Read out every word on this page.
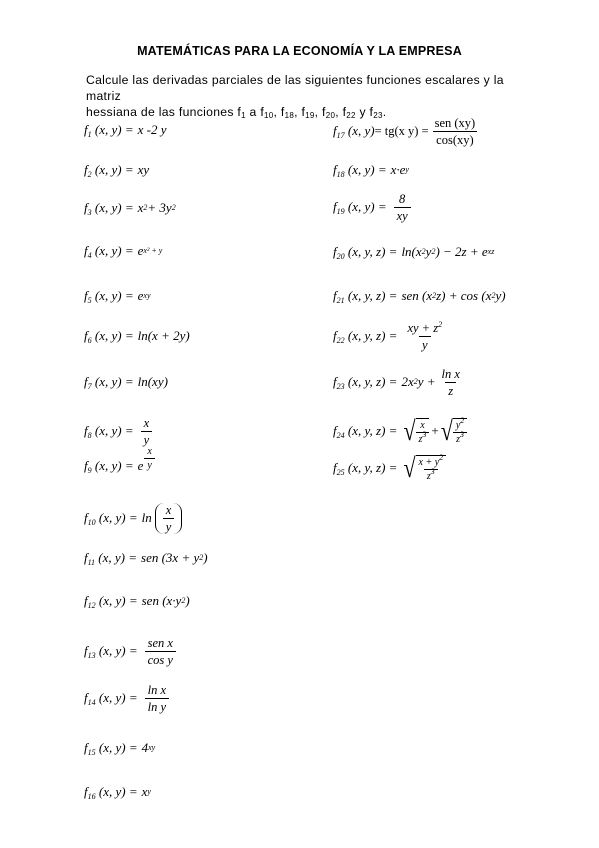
MATEMÁTICAS PARA LA ECONOMÍA Y LA EMPRESA
Calcule las derivadas parciales de las siguientes funciones escalares y la matriz
hessiana de las funciones $f_1$ a $f_{10}$, $f_{18}$, $f_{19}$, $f_{20}$, $f_{22}$ y $f_{23}$.
$f_1$ (x, y) = x -2 y
$f_2$ (x, y) = xy
$f_3$ (x, y) = x 2 + 3y 2
$f_4$ (x, y) = e x² + y
$f_5$ (x, y) = e xy
$f_6$ (x, y) = ln(x + 2y)
$f_7$ (x, y) = ln(xy)
$f_8$ (x, $y) = \frac{x}{y}$
$f_9$ (x, y) = e $\frac{x}{y}$
$f_{10}$ (x, $y) = \ln \frac{x}{y}$
$f_{11}$ (x, y) = sen (3x + y 2 )
$f_{12}$ (x, y) = sen (x·y 2 )
$f_{13}$ (x, $y) = \frac{\text{sen x}}{\text{cos y}}$
$f_{14}$ (x, $y) = \frac{\text{ln x}}{\text{ln y}}$
$f_{15}$ (x, y) = 4 xy
$f_{16}$ (x, y) = x y
$f_{17}$ (x, y) = tg(x $y) = \frac{\text{sen (xy)}}{\cos(xy)}$
$f_{18}$ (x, y) = x·e y
$f_{19}$ (x, $y) = \frac{8}{xy}$
$f_{20}$ (x, y, z) = ln(x 2 y 2 ) − 2z + e xz
$f_{21}$ (x, y, z) = sen (x 2 z) + cos (x 2 y)
$f_{22}$ (x, y, $z) = \frac{xy + z^2}{y}$
$f_{23}$ (x, y, z) = 2x 2 $y + \frac{\text{ln x}}{z}$
$f_{24}$ (x, y, z) = √ $\frac{x}{z^3}$ + √ $\frac{y^2}{z^3}$
$f_{25}$ (x, y, z) = √ $\frac{x + y^2}{z^3}$
